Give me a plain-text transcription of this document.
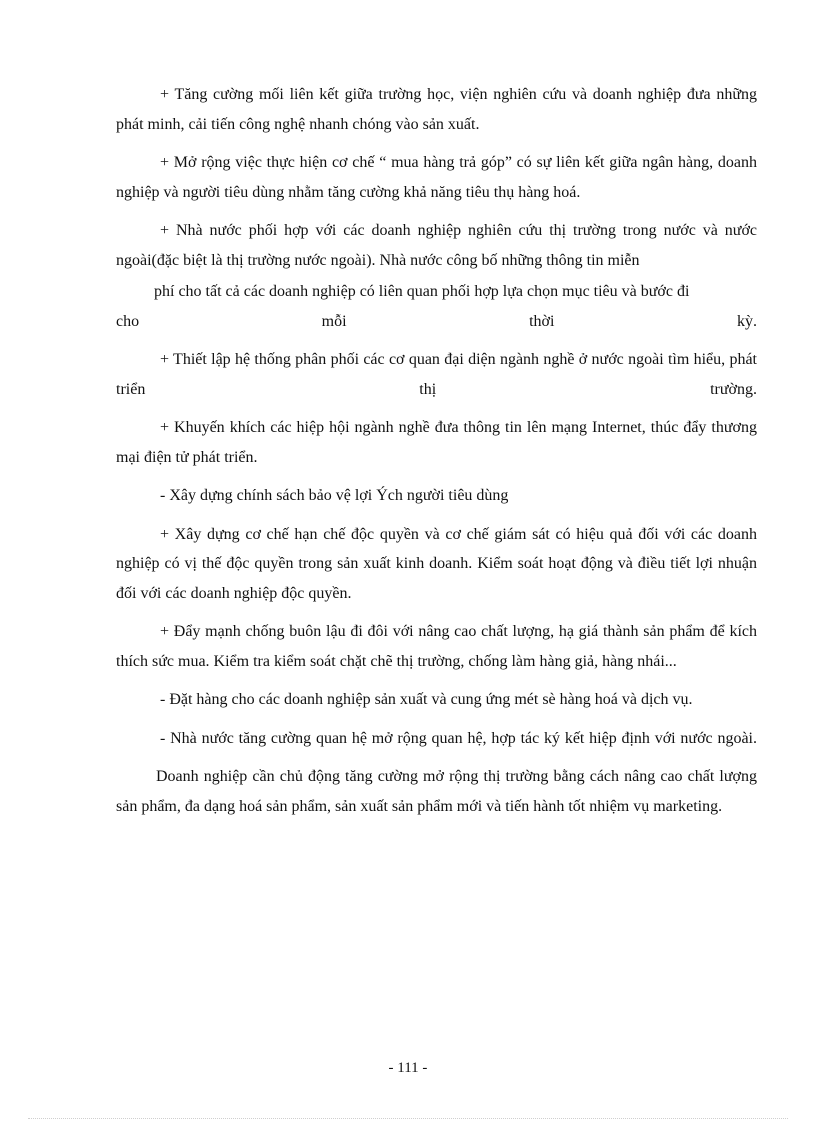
+ Tăng cường mối liên kết giữa trường học, viện nghiên cứu và doanh nghiệp đưa những phát minh, cải tiến công nghệ nhanh chóng vào sản xuất.

+ Mở rộng việc thực hiện cơ chế “ mua hàng trả góp” có sự liên kết giữa ngân hàng, doanh nghiệp và người tiêu dùng nhằm tăng cường khả năng tiêu thụ hàng hoá.

+ Nhà nước phối hợp với các doanh nghiệp nghiên cứu thị trường trong nước và nước ngoài(đặc biệt là thị trường nước ngoài). Nhà nước công bố những thông tin miễn

phí cho tất cả các doanh nghiệp có liên quan phối hợp lựa chọn mục tiêu và bước đi

cho mỗi thời kỳ.

+ Thiết lập hệ thống phân phối các cơ quan đại diện ngành nghề ở nước ngoài tìm hiểu, phát triển thị trường.

+ Khuyến khích các hiệp hội ngành nghề đưa thông tin lên mạng Internet, thúc đẩy thương mại điện tử phát triển.

- Xây dựng chính sách bảo vệ lợi Ých người tiêu dùng

+ Xây dựng cơ chế hạn chế độc quyền và cơ chế giám sát có hiệu quả đối với các doanh nghiệp có vị thế độc quyền trong sản xuất kinh doanh. Kiểm soát hoạt động và điều tiết lợi nhuận đối với các doanh nghiệp độc quyền.

+ Đẩy mạnh chống buôn lậu đi đôi với nâng cao chất lượng, hạ giá thành sản phẩm để kích thích sức mua. Kiểm tra kiểm soát chặt chẽ thị trường, chống làm hàng giả, hàng nhái...

- Đặt hàng cho các doanh nghiệp sản xuất và cung ứng mét sè hàng hoá và dịch vụ.

- Nhà nước tăng cường quan hệ mở rộng quan hệ, hợp tác ký kết hiệp định với nước ngoài.

Doanh nghiệp cần chủ động tăng cường mở rộng thị trường bằng cách nâng cao chất lượng sản phẩm, đa dạng hoá sản phẩm, sản xuất sản phẩm mới và tiến hành tốt nhiệm vụ marketing.

- 111 -
